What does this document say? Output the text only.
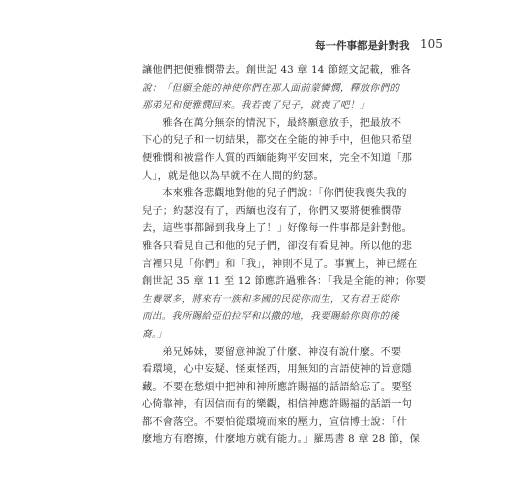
每一件事都是針對我 105
讓他們把便雅憫帶去。創世記 43 章 14 節經文記載，雅各
說：「但願全能的神使你們在那人面前蒙憐憫，釋放你們的
那弟兄和便雅憫回來。我若喪了兒子，就喪了吧！」
雅各在萬分無奈的情況下，最終願意放手，把最放不
下心的兒子和一切結果，都交在全能的神手中，但他只希望
便雅憫和被當作人質的西緬能夠平安回來，完全不知道「那
人」，就是他以為早就不在人間的約瑟。
本來雅各悲觀地對他的兒子們說：「你們使我喪失我的
兒子；約瑟沒有了，西緬也沒有了，你們又要將便雅憫帶
去，這些事都歸到我身上了！」好像每一件事都是針對他。
雅各只看見自己和他的兒子們，卻沒有看見神。所以他的悲
言裡只見「你們」和「我」，神則不見了。事實上，神已經在
創世記 35 章 11 至 12 節應許過雅各：「我是全能的神；你要
生養眾多，將來有一族和多國的民從你而生，又有君王從你
而出。我所賜給亞伯拉罕和以撒的地，我要賜給你與你的後
裔。」
弟兄姊妹，要留意神說了什麼、神沒有說什麼。不要
看環境，心中妄疑、怪東怪西，用無知的言語使神的旨意隱
藏。不要在愁煩中把神和神所應許賜福的話語給忘了。要堅
心倚靠神，有因信而有的樂觀，相信神應許賜福的話語一句
都不會落空。不要怕從環境而來的壓力，宣信博士說：「什
麼地方有磨擦，什麼地方就有能力。」羅馬書 8 章 28 節，保
